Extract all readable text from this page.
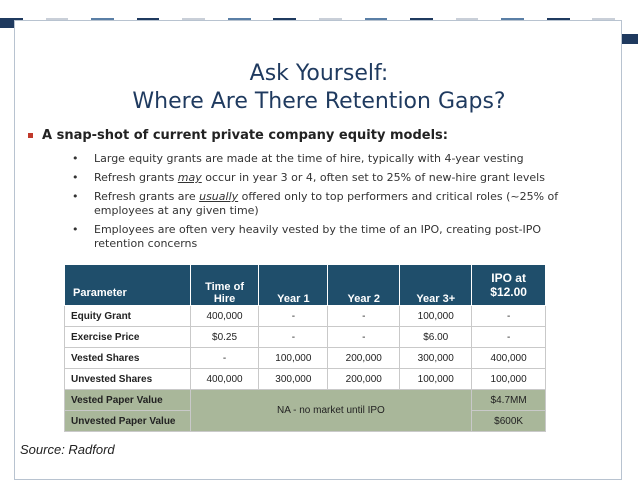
Ask Yourself:
Where Are There Retention Gaps?
A snap-shot of current private company equity models:
• Large equity grants are made at the time of hire, typically with 4-year vesting
• Refresh grants may occur in year 3 or 4, often set to 25% of new-hire grant levels
• Refresh grants are usually offered only to top performers and critical roles (~25% of employees at any given time)
• Employees are often very heavily vested by the time of an IPO, creating post-IPO retention concerns
Parameter	Time of Hire	Year 1	Year 2	Year 3+	IPO at $12.00
Equity Grant	400,000	-	-	100,000	-
Exercise Price	$0.25	-	-	$6.00	-
Vested Shares	-	100,000	200,000	300,000	400,000
Unvested Shares	400,000	300,000	200,000	100,000	100,000
Vested Paper Value	NA - no market until IPO				$4.7MM
Unvested Paper Value					$600K
Source: Radford
